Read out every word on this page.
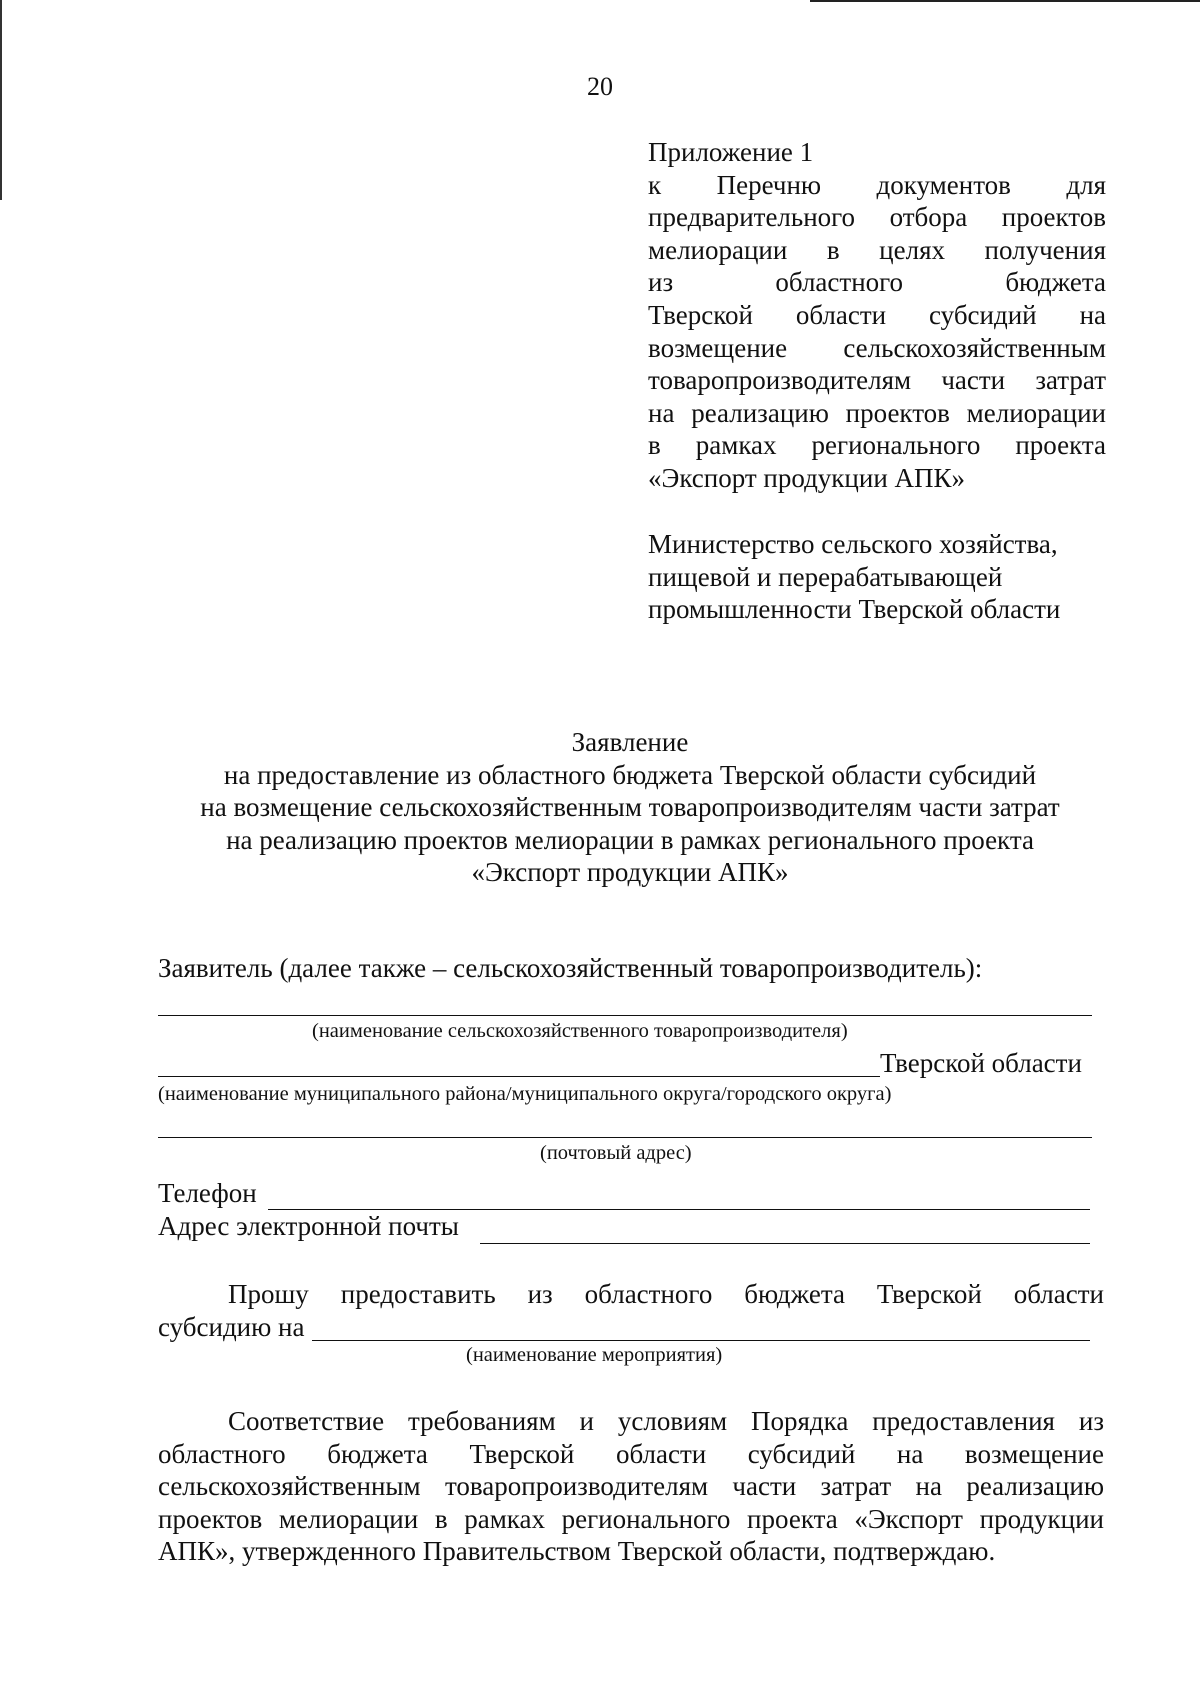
20
Приложение 1
к Перечню документов для
предварительного отбора проектов
мелиорации в целях получения
из областного бюджета
Тверской области субсидий на
возмещение сельскохозяйственным
товаропроизводителям части затрат
на реализацию проектов мелиорации
в рамках регионального проекта
«Экспорт продукции АПК»
Министерство сельского хозяйства,
пищевой и перерабатывающей
промышленности Тверской области
Заявление
на предоставление из областного бюджета Тверской области субсидий
на возмещение сельскохозяйственным товаропроизводителям части затрат
на реализацию проектов мелиорации в рамках регионального проекта
«Экспорт продукции АПК»
Заявитель (далее также – сельскохозяйственный товаропроизводитель):
(наименование сельскохозяйственного товаропроизводителя)
Тверской области
(наименование муниципального района/муниципального округа/городского округа)
(почтовый адрес)
Телефон
Адрес электронной почты
Прошу предоставить из областного бюджета Тверской области
субсидию на
(наименование мероприятия)
Соответствие требованиям и условиям Порядка предоставления из
областного бюджета Тверской области субсидий на возмещение
сельскохозяйственным товаропроизводителям части затрат на реализацию
проектов мелиорации в рамках регионального проекта «Экспорт продукции
АПК», утвержденного Правительством Тверской области, подтверждаю.
